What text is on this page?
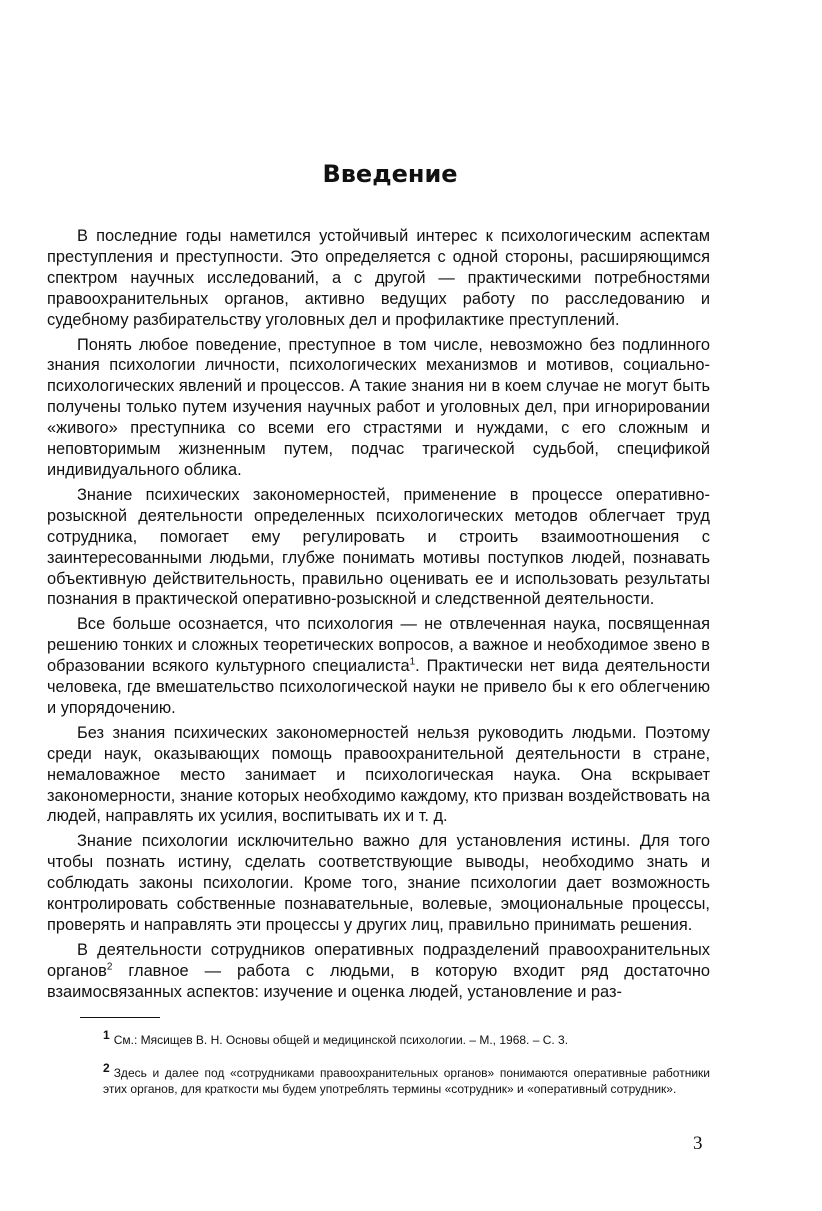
Введение

В последние годы наметился устойчивый интерес к психологическим аспектам преступления и преступности. Это определяется с одной стороны, расширяющимся спектром научных исследований, а с другой — практическими потребностями правоохранительных органов, активно ведущих работу по расследованию и судебному разбирательству уголовных дел и профилактике преступлений.

Понять любое поведение, преступное в том числе, невозможно без подлинного знания психологии личности, психологических механизмов и мотивов, социально-психологических явлений и процессов. А такие знания ни в коем случае не могут быть получены только путем изучения научных работ и уголовных дел, при игнорировании «живого» преступника со всеми его страстями и нуждами, с его сложным и неповторимым жизненным путем, подчас трагической судьбой, спецификой индивидуального облика.

Знание психических закономерностей, применение в процессе оперативно-розыскной деятельности определенных психологических методов облегчает труд сотрудника, помогает ему регулировать и строить взаимоотношения с заинтересованными людьми, глубже понимать мотивы поступков людей, познавать объективную действительность, правильно оценивать ее и использовать результаты познания в практической оперативно-розыскной и следственной деятельности.

Все больше осознается, что психология — не отвлеченная наука, посвященная решению тонких и сложных теоретических вопросов, а важное и необходимое звено в образовании всякого культурного специалиста$^1$. Практически нет вида деятельности человека, где вмешательство психологической науки не привело бы к его облегчению и упорядочению.

Без знания психических закономерностей нельзя руководить людьми. Поэтому среди наук, оказывающих помощь правоохранительной деятельности в стране, немаловажное место занимает и психологическая наука. Она вскрывает закономерности, знание которых необходимо каждому, кто призван воздействовать на людей, направлять их усилия, воспитывать их и т. д.

Знание психологии исключительно важно для установления истины. Для того чтобы познать истину, сделать соответствующие выводы, необходимо знать и соблюдать законы психологии. Кроме того, знание психологии дает возможность контролировать собственные познавательные, волевые, эмоциональные процессы, проверять и направлять эти процессы у других лиц, правильно принимать решения.

В деятельности сотрудников оперативных подразделений правоохранительных органов$^2$ главное — работа с людьми, в которую входит ряд достаточно взаимосвязанных аспектов: изучение и оценка людей, установление и раз-

1 См.: Мясищев В. Н. Основы общей и медицинской психологии. – М., 1968. – С. 3.
2 Здесь и далее под «сотрудниками правоохранительных органов» понимаются оперативные работники этих органов, для краткости мы будем употреблять термины «сотрудник» и «оперативный сотрудник».
3
